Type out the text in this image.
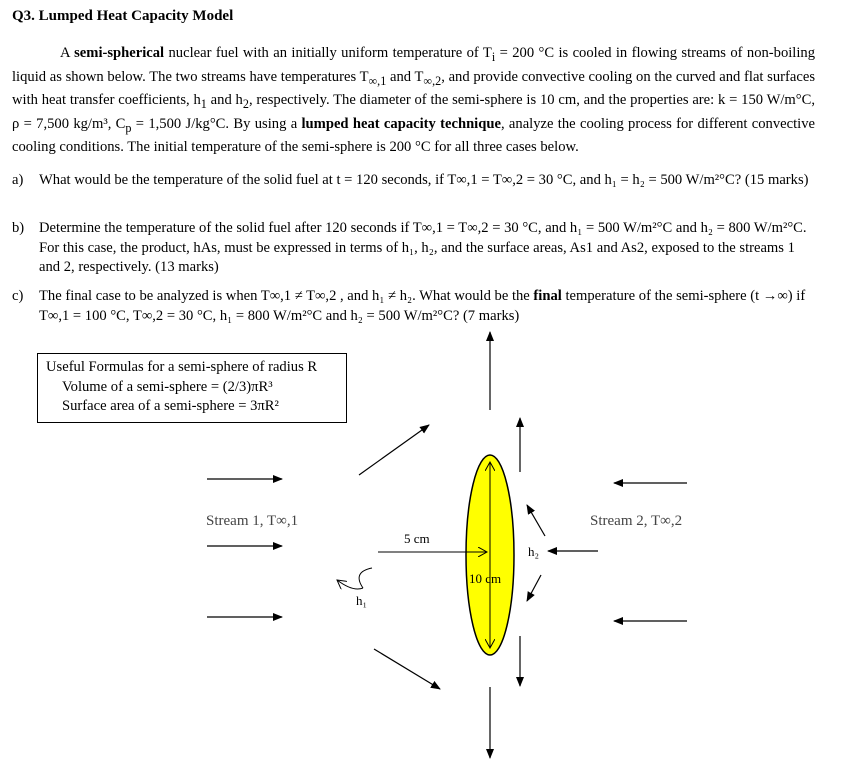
Q3. Lumped Heat Capacity Model
A semi-spherical nuclear fuel with an initially uniform temperature of $T_i = 200$ °C is cooled in flowing streams of non-boiling liquid as shown below. The two streams have temperatures $T_{\infty,1}$ and $T_{\infty,2}$, and provide convective cooling on the curved and flat surfaces with heat transfer coefficients, $h_1$ and $h_2$, respectively. The diameter of the semi-sphere is 10 cm, and the properties are: k = 150 W/m°C, ρ = 7,500 kg/m³, $C_p = 1,500$ J/kg°C. By using a lumped heat capacity technique, analyze the cooling process for different convective cooling conditions. The initial temperature of the semi-sphere is 200 °C for all three cases below.
a) What would be the temperature of the solid fuel at t = 120 seconds, if T∞,1 = T∞,2 = 30 °C, and h₁ = h₂ = 500 W/m²°C? (15 marks)
b) Determine the temperature of the solid fuel after 120 seconds if T∞,1 = T∞,2 = 30 °C, and h₁ = 500 W/m²°C and h₂ = 800 W/m²°C. For this case, the product, hAs, must be expressed in terms of h₁, h₂, and the surface areas, As1 and As2, exposed to the streams 1 and 2, respectively. (13 marks)
c) The final case to be analyzed is when T∞,1 ≠ T∞,2 , and h₁ ≠ h₂. What would be the final temperature of the semi-sphere (t →∞) if T∞,1 = 100 °C, T∞,2 = 30 °C, h₁ = 800 W/m²°C and h₂ = 500 W/m²°C? (7 marks)
Useful Formulas for a semi-sphere of radius R
Volume of a semi-sphere = (2/3)πR³
Surface area of a semi-sphere = 3πR²
Stream 1, T∞,1	Stream 2, T∞,2
5 cm
10 cm
h₁
h₂
